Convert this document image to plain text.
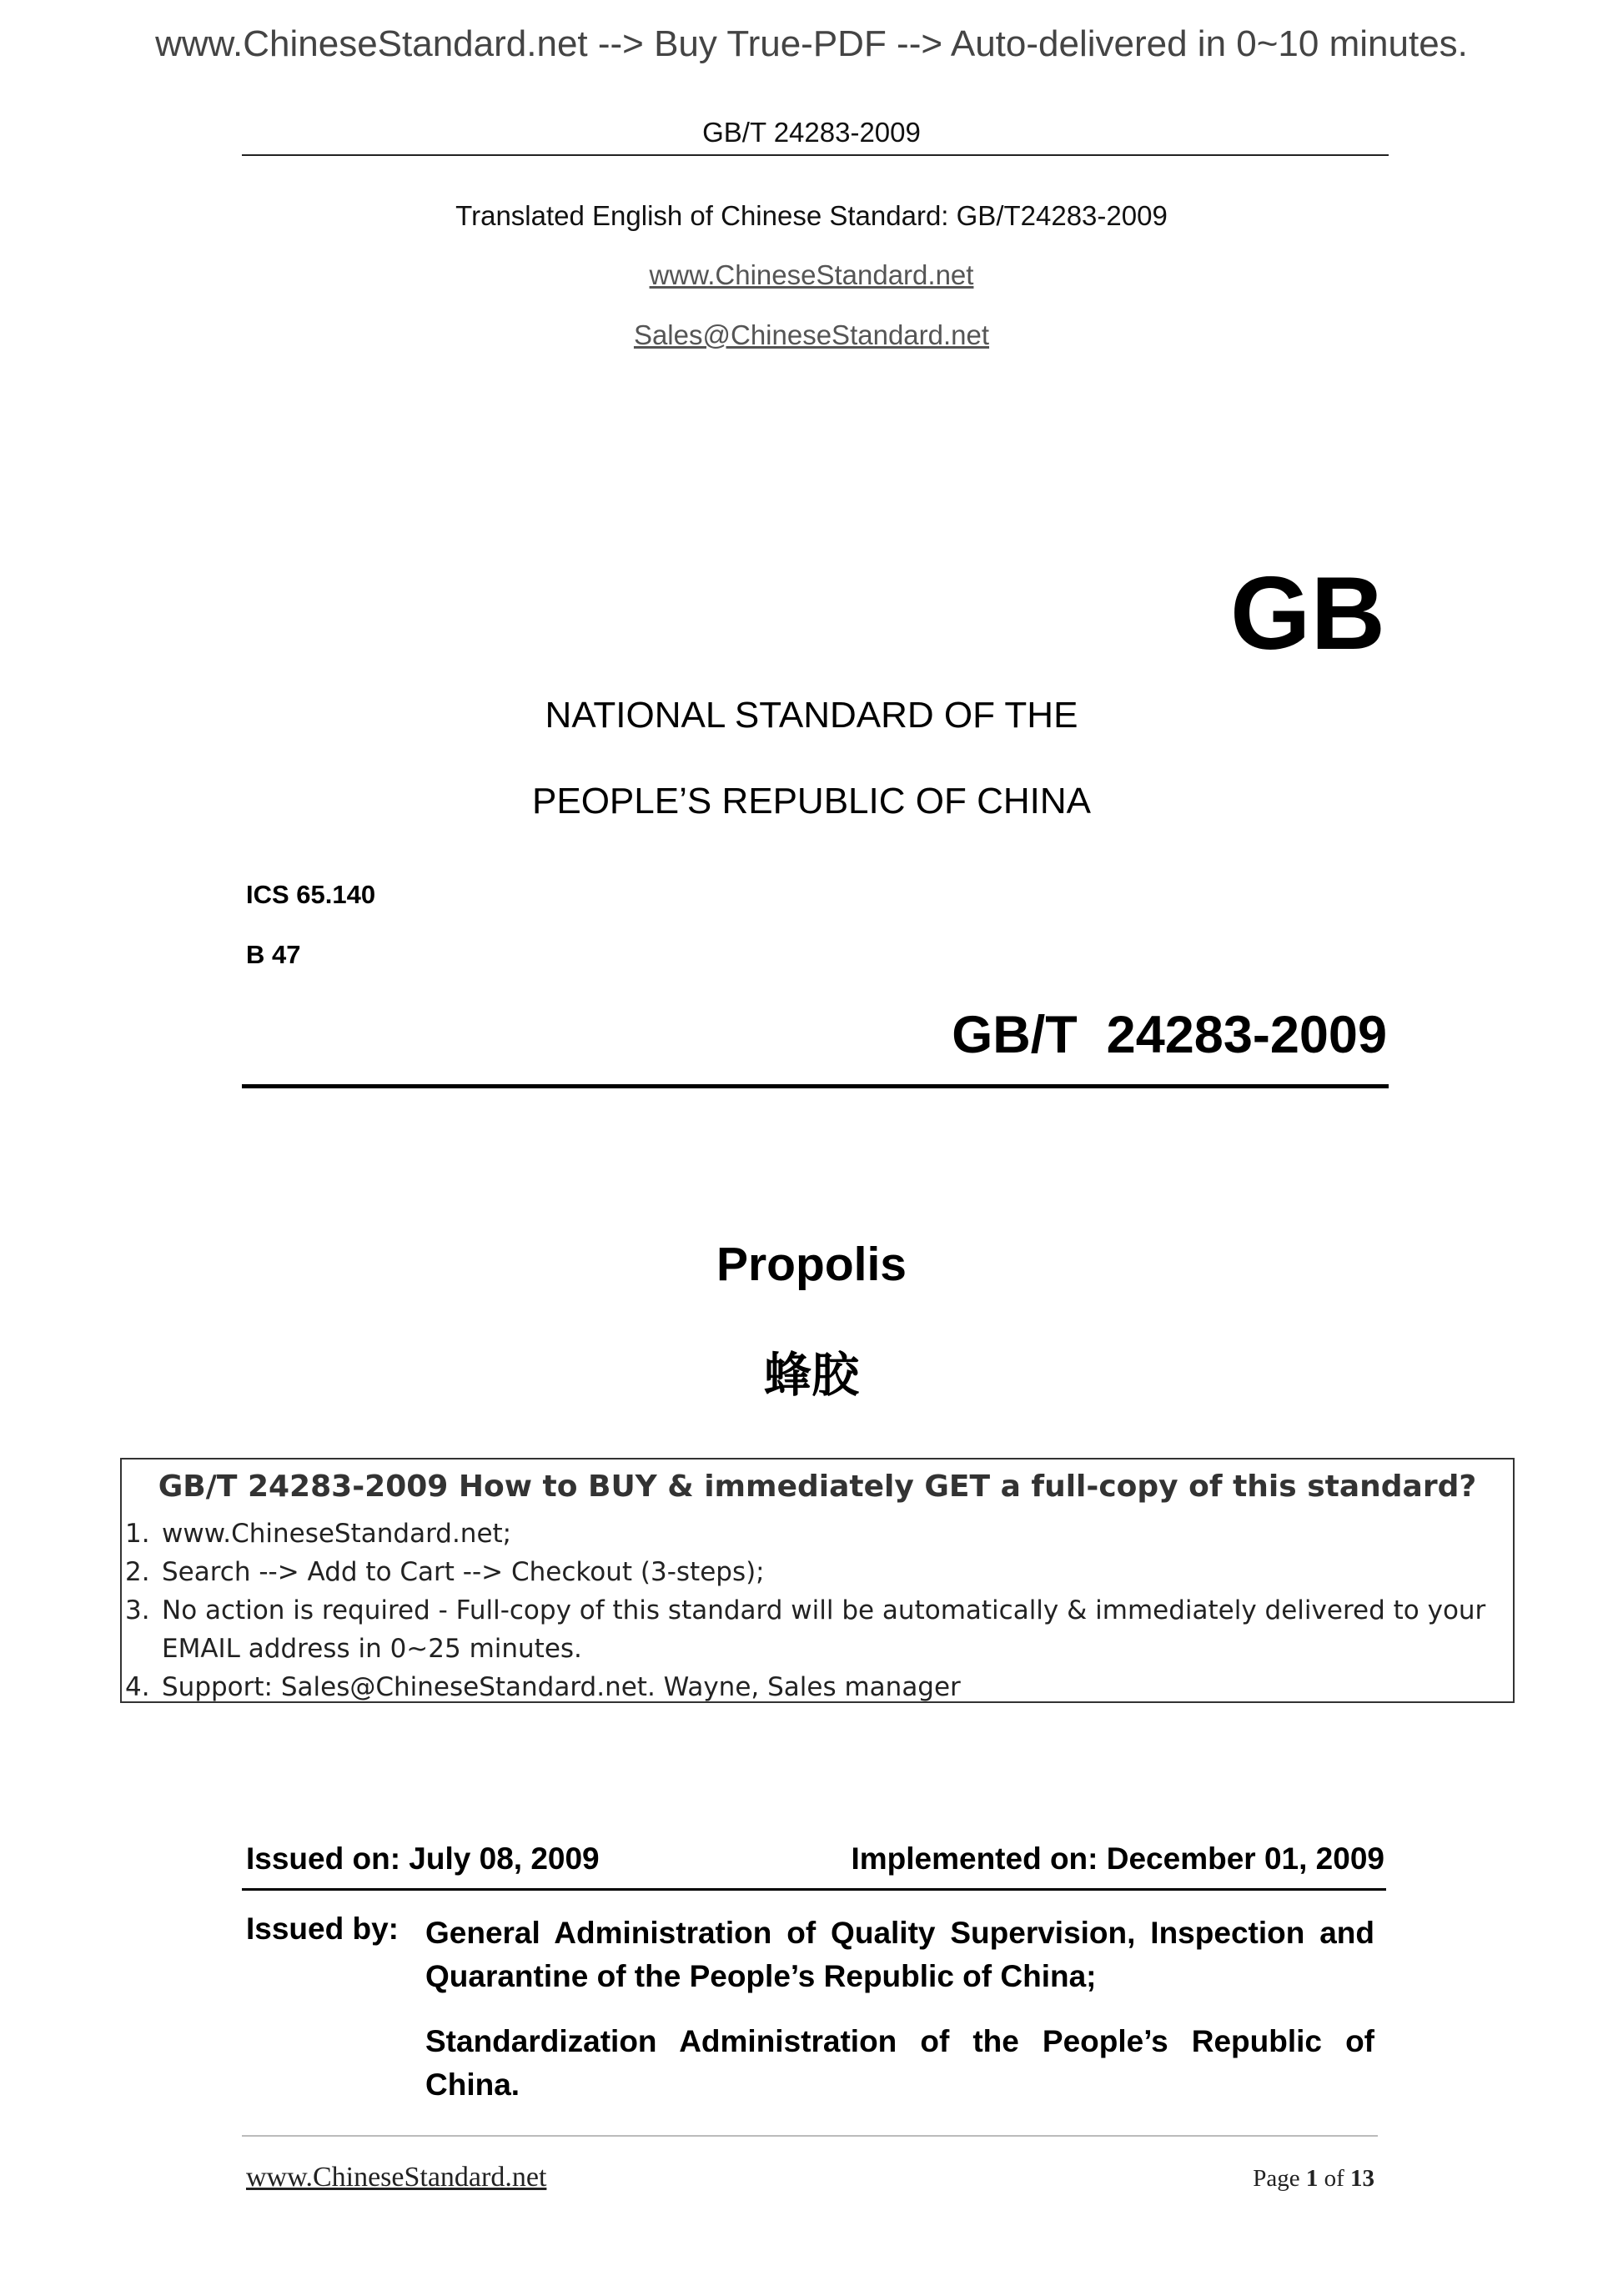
www.ChineseStandard.net --> Buy True-PDF --> Auto-delivered in 0~10 minutes.
GB/T 24283-2009
Translated English of Chinese Standard: GB/T24283-2009
www.ChineseStandard.net
Sales@ChineseStandard.net
GB
NATIONAL STANDARD OF THE
PEOPLE’S REPUBLIC OF CHINA
ICS 65.140
B 47
GB/T  24283-2009
Propolis
蜂胶
GB/T 24283-2009 How to BUY & immediately GET a full-copy of this standard?
1. www.ChineseStandard.net;
2. Search --> Add to Cart --> Checkout (3-steps);
3. No action is required - Full-copy of this standard will be automatically & immediately delivered to your EMAIL address in 0~25 minutes.
4. Support: Sales@ChineseStandard.net. Wayne, Sales manager
Issued on: July 08, 2009	Implemented on: December 01, 2009
Issued by: General Administration of Quality Supervision, Inspection and Quarantine of the People’s Republic of China;

Standardization Administration of the People’s Republic of China.

www.ChineseStandard.net	Page 1 of 13
